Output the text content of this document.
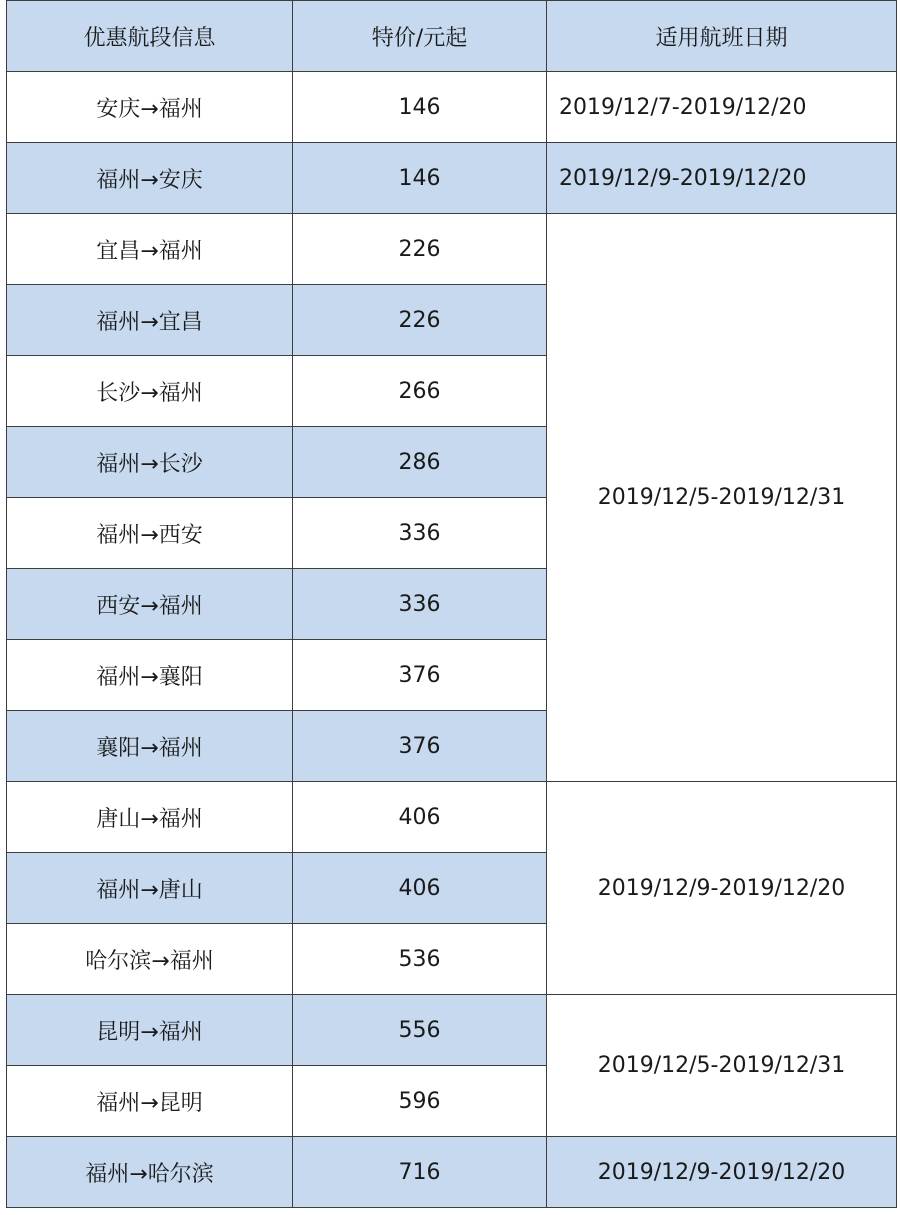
优惠航段信息	特价/元起	适用航班日期
安庆→福州	146	2019/12/7-2019/12/20
福州→安庆	146	2019/12/9-2019/12/20
宜昌→福州	226	2019/12/5-2019/12/31
福州→宜昌	226	
长沙→福州	266	
福州→长沙	286	
福州→西安	336	
西安→福州	336	
福州→襄阳	376	
襄阳→福州	376	
唐山→福州	406	2019/12/9-2019/12/20
福州→唐山	406	
哈尔滨→福州	536	
昆明→福州	556	2019/12/5-2019/12/31
福州→昆明	596	
福州→哈尔滨	716	2019/12/9-2019/12/20
